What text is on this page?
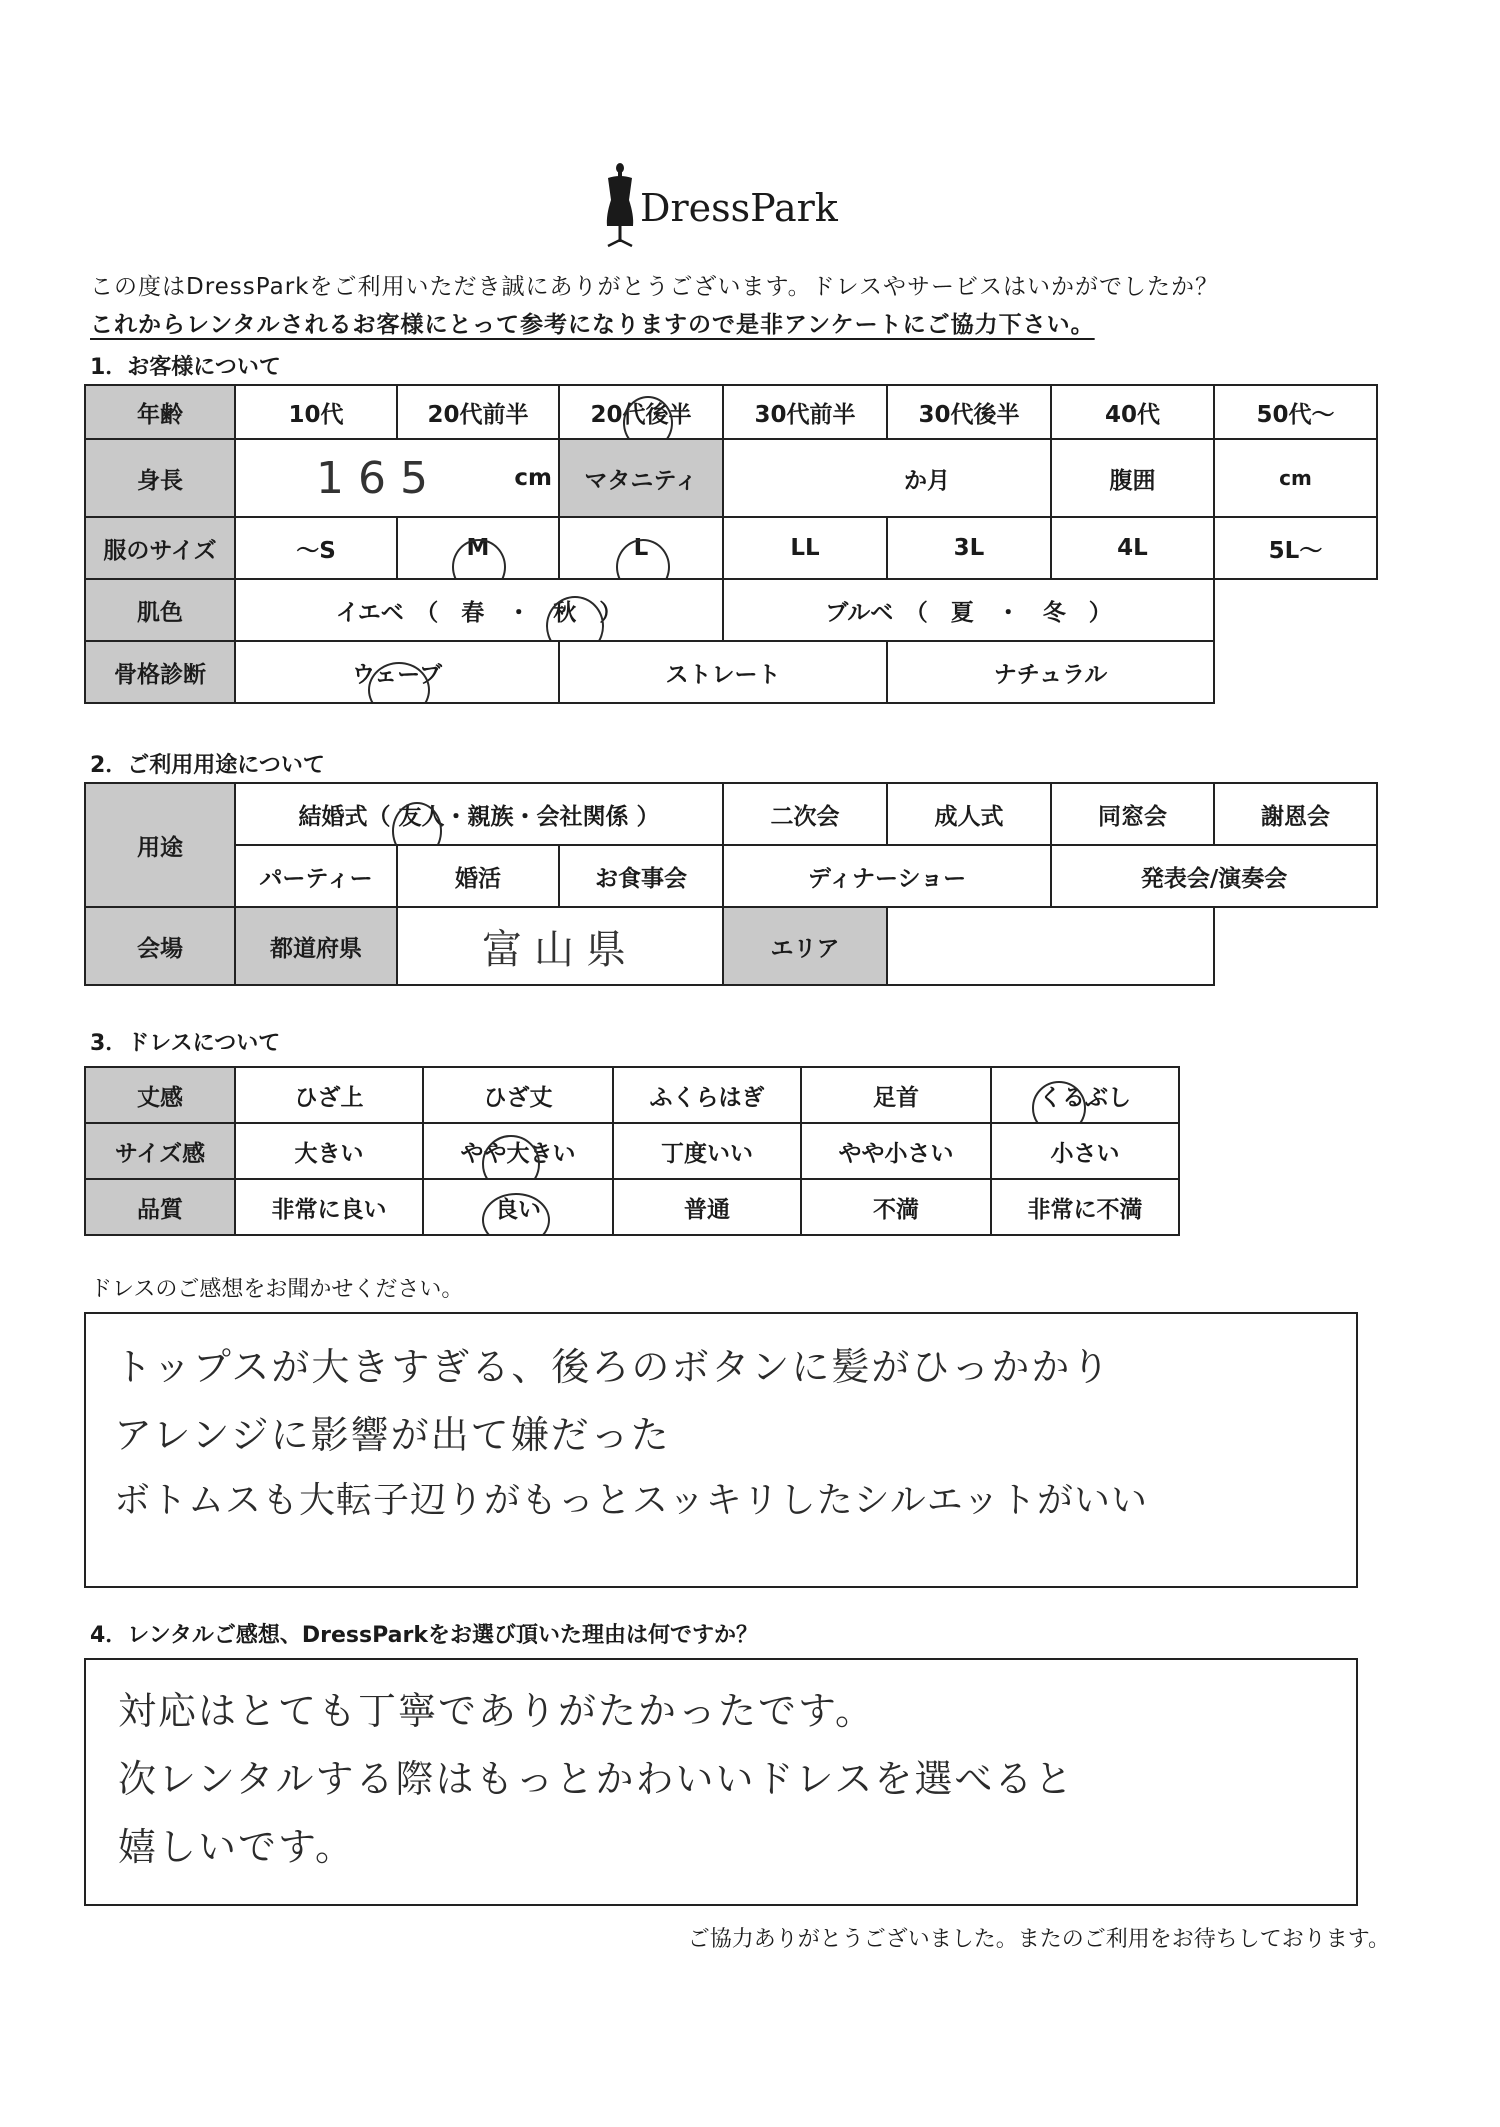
DressPark
この度はDressParkをご利用いただき誠にありがとうございます。ドレスやサービスはいかがでしたか？
これからレンタルされるお客様にとって参考になりますので是非アンケートにご協力下さい。
1．お客様について
年齢	10代	20代前半	20代後半	30代前半	30代後半	40代	50代～
身長	165 cm		マタニティ	か月		腹囲	cm

服のサイズ	～S	M	L	LL	3L	4L	5L～
肌色	イエベ　（　春　・　秋　）			ブルベ　（　夏　・　冬　）			
骨格診断	ウェーブ		ストレート		ナチュラル		
2．ご利用用途について
用途	結婚式（ 友人・親族・会社関係 ）			二次会	成人式	同窓会	謝恩会
	パーティー	婚活	お食事会	ディナーショー		発表会/演奏会	
会場	都道府県	富山県		エリア			
3．ドレスについて
丈感	ひざ上	ひざ丈	ふくらはぎ	足首	くるぶし

サイズ感	大きい	やや大きい	丁度いい	やや小さい	小さい
品質	非常に良い	良い	普通	不満	非常に不満
ドレスのご感想をお聞かせください。
トップスが大きすぎる、後ろのボタンに髪がひっかかり
アレンジに影響が出て嫌だった
ボトムスも大転子辺りがもっとスッキリしたシルエットがいい
4．レンタルご感想、DressParkをお選び頂いた理由は何ですか？
対応はとても丁寧でありがたかったです。
次レンタルする際はもっとかわいいドレスを選べると
嬉しいです。
ご協力ありがとうございました。またのご利用をお待ちしております。
